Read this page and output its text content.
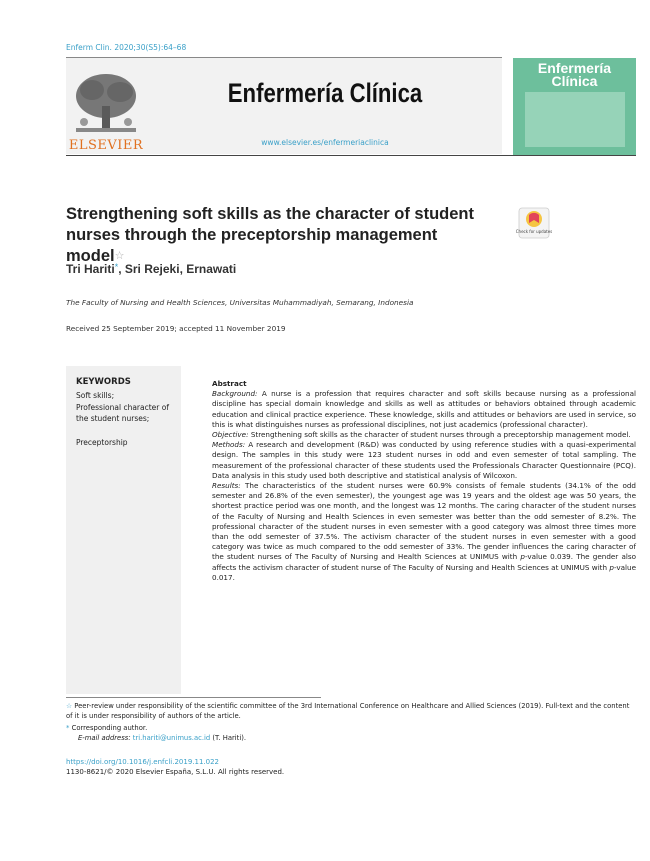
Enferm Clin. 2020;30(S5):64–68
ELSEVIER
Enfermería Clínica
www.elsevier.es/enfermeriaclinica
Enfermería
Clínica
Strengthening soft skills as the character of student
nurses through the preceptorship management model☆
Check for updates
Tri Hariti*, Sri Rejeki, Ernawati
The Faculty of Nursing and Health Sciences, Universitas Muhammadiyah, Semarang, Indonesia
Received 25 September 2019; accepted 11 November 2019
KEYWORDS
Soft skills;
Professional character of the student nurses;
Preceptorship

Abstract

Background: A nurse is a profession that requires character and soft skills because nursing as a professional discipline has special domain knowledge and skills as well as attitudes or behaviors obtained through academic education and clinical practice experience. These knowledge, skills and attitudes or behaviors are used in service, so this is what distinguishes nurses as professional disciplines, not just academics (professional character).

Objective: Strengthening soft skills as the character of student nurses through a preceptorship management model.

Methods: A research and development (R&D) was conducted by using reference studies with a quasi-experimental design. The samples in this study were 123 student nurses in odd and even semester of total sampling. The measurement of the professional character of these students used the Professionals Character Questionnaire (PCQ). Data analysis in this study used both descriptive and statistical analysis of Wilcoxon.

Results: The characteristics of the student nurses were 60.9% consists of female students (34.1% of the odd semester and 26.8% of the even semester), the youngest age was 19 years and the oldest age was 50 years, the shortest practice period was one month, and the longest was 12 months. The caring character of the student nurses of the Faculty of Nursing and Health Sciences in even semester was better than the odd semester of 8.2%. The professional character of the student nurses in even semester with a good category was almost three times more than the odd semester of 37.5%. The activism character of the student nurses in even semester with a good category was twice as much compared to the odd semester of 33%. The gender influences the caring character of the student nurses of The Faculty of Nursing and Health Sciences at UNIMUS with p-value 0.039. The gender also affects the activism character of student nurse of The Faculty of Nursing and Health Sciences at UNIMUS with p-value 0.017.

☆ Peer-review under responsibility of the scientific committee of the 3rd International Conference on Healthcare and Allied Sciences (2019). Full-text and the content of it is under responsibility of authors of the article.
* Corresponding author.
E-mail address: tri.hariti@unimus.ac.id (T. Hariti).
https://doi.org/10.1016/j.enfcli.2019.11.022
1130-8621/© 2020 Elsevier España, S.L.U. All rights reserved.
